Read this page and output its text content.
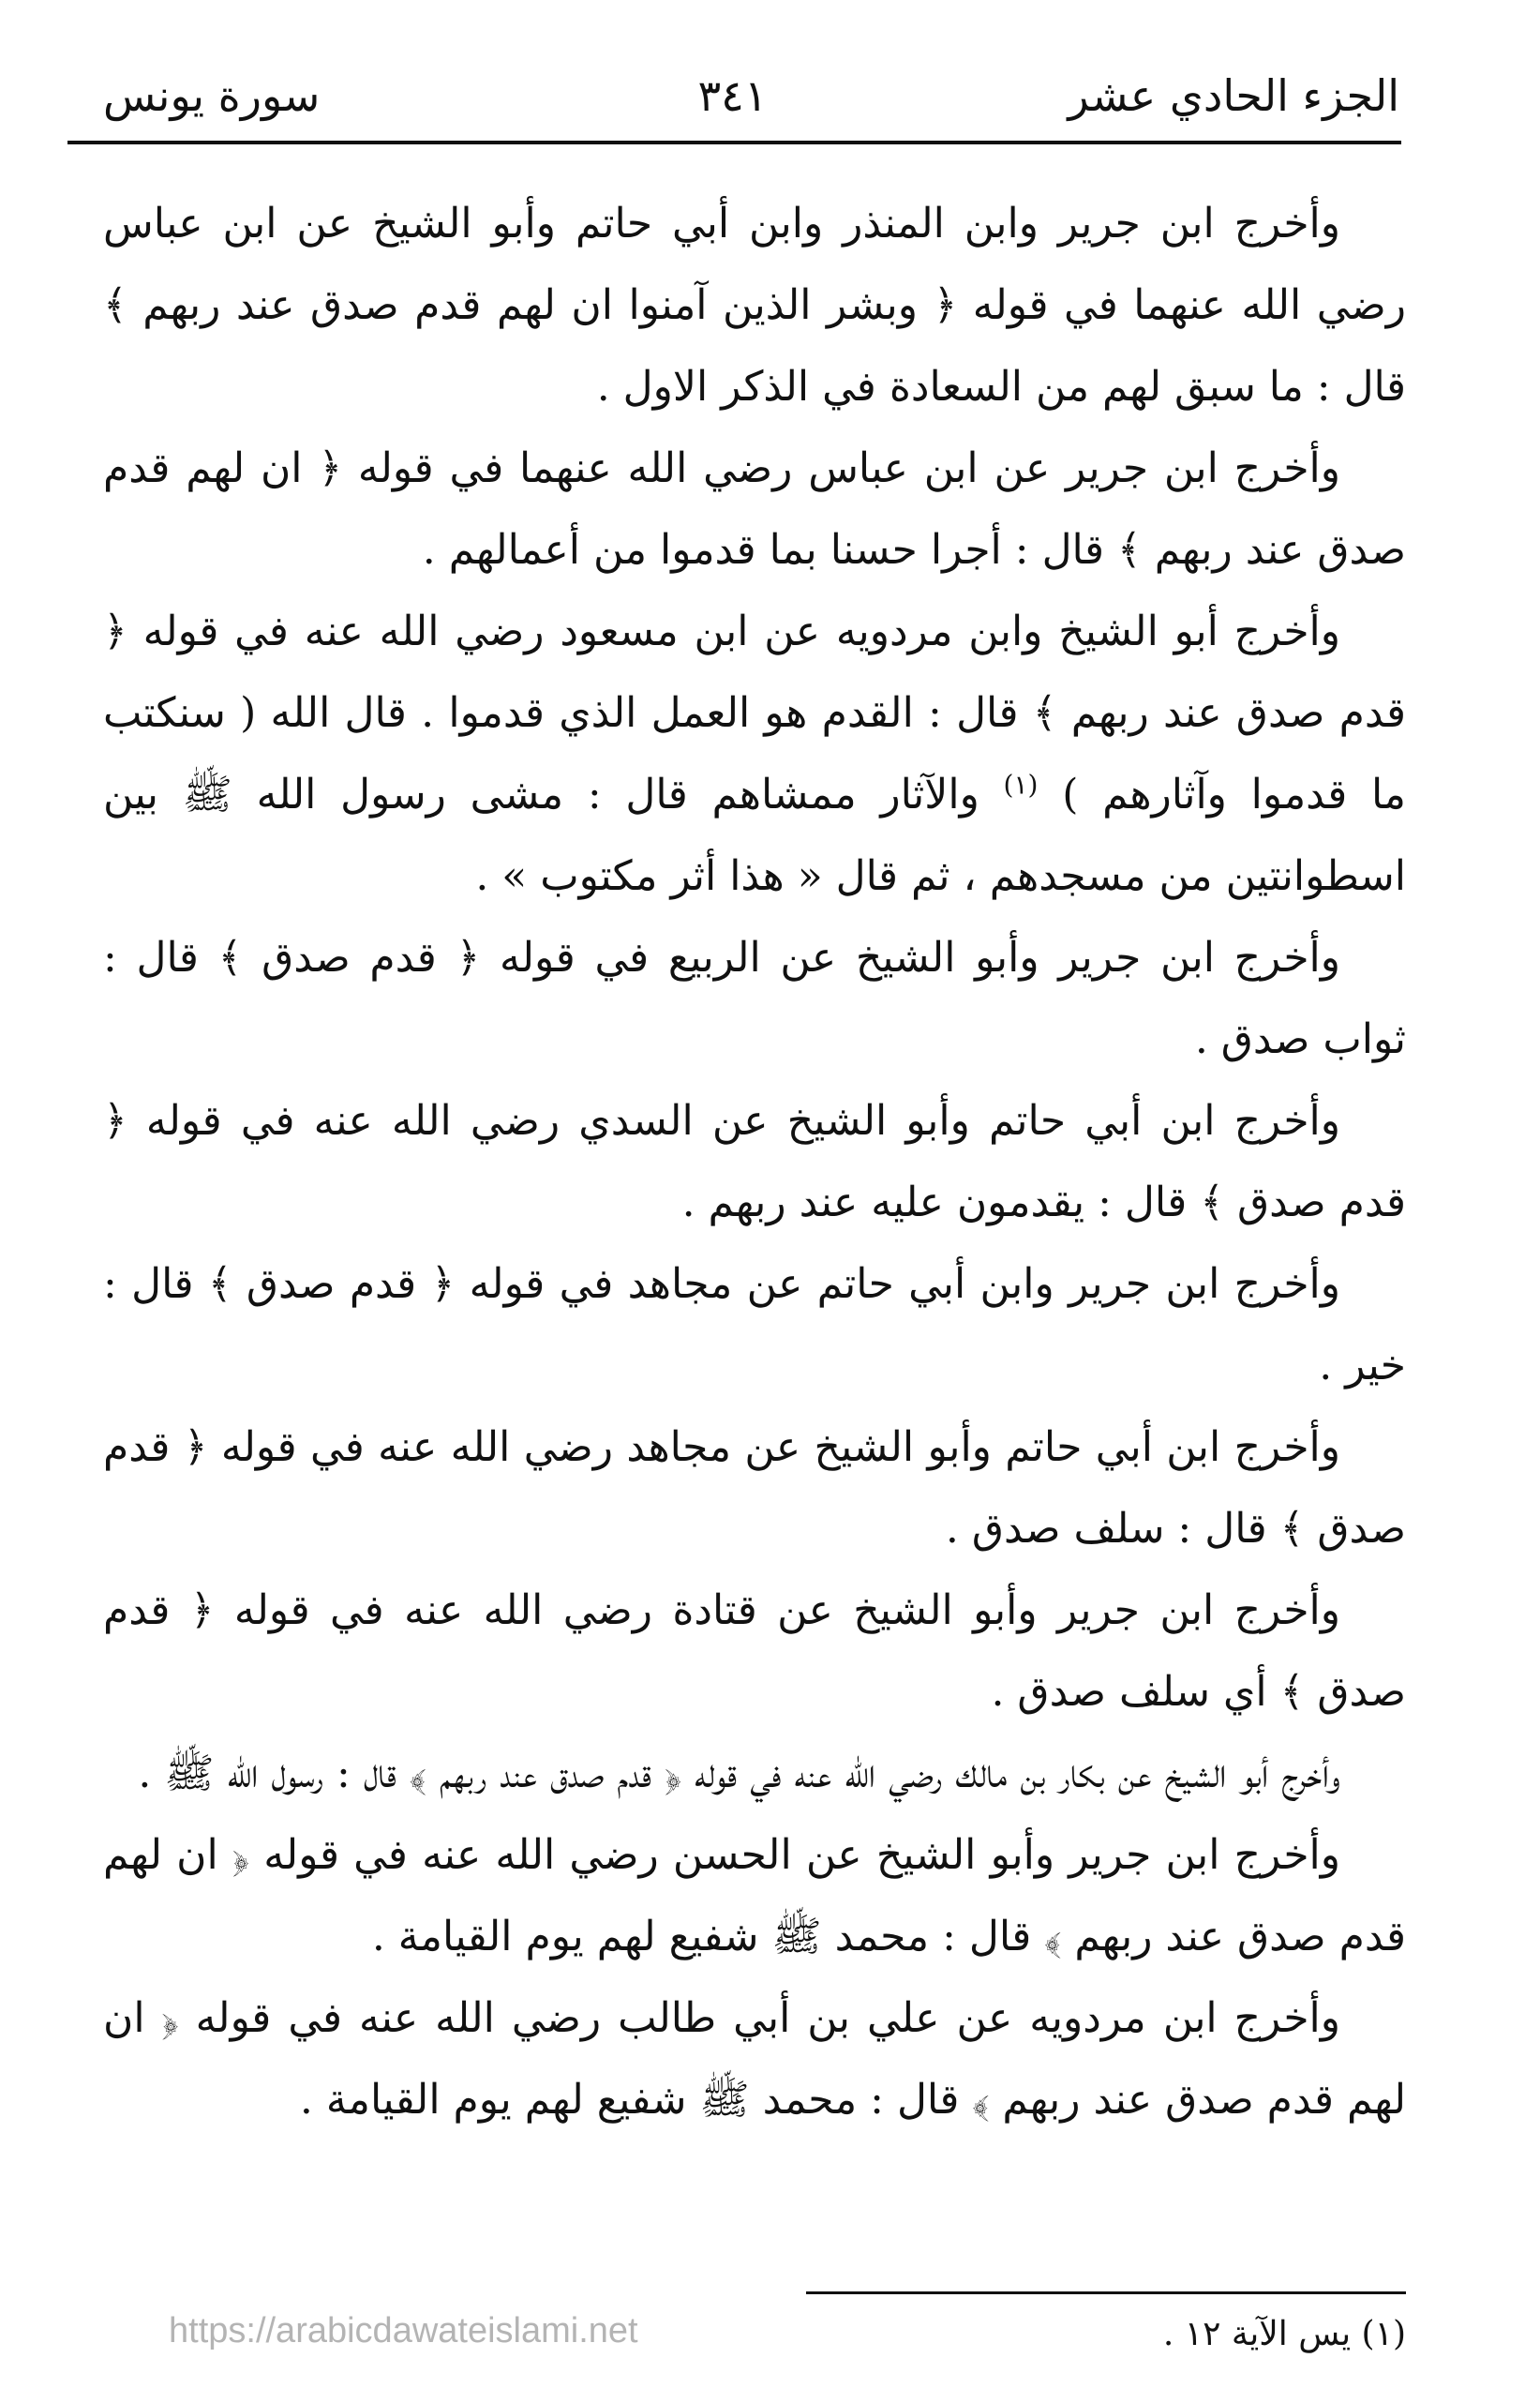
الجزء الحادي عشر
٣٤١
سورة يونس

وأخرج ابن جرير وابن المنذر وابن أبي حاتم وأبو الشيخ عن ابن عباس رضي الله عنهما في قوله ﴿ وبشر الذين آمنوا ان لهم قدم صدق عند ربهم ﴾ قال : ما سبق لهم من السعادة في الذكر الاول .

وأخرج ابن جرير عن ابن عباس رضي الله عنهما في قوله ﴿ ان لهم قدم صدق عند ربهم ﴾ قال : أجرا حسنا بما قدموا من أعمالهم .

وأخرج أبو الشيخ وابن مردويه عن ابن مسعود رضي الله عنه في قوله ﴿ قدم صدق عند ربهم ﴾ قال : القدم هو العمل الذي قدموا . قال الله ( سنكتب ما قدموا وآثارهم ) $^{(١)}$ والآثار ممشاهم قال : مشى رسول الله ﷺ بين اسطوانتين من مسجدهم ، ثم قال « هذا أثر مكتوب » .

وأخرج ابن جرير وأبو الشيخ عن الربيع في قوله ﴿ قدم صدق ﴾ قال : ثواب صدق .

وأخرج ابن أبي حاتم وأبو الشيخ عن السدي رضي الله عنه في قوله ﴿ قدم صدق ﴾ قال : يقدمون عليه عند ربهم .

وأخرج ابن جرير وابن أبي حاتم عن مجاهد في قوله ﴿ قدم صدق ﴾ قال : خير .

وأخرج ابن أبي حاتم وأبو الشيخ عن مجاهد رضي الله عنه في قوله ﴿ قدم صدق ﴾ قال : سلف صدق .

وأخرج ابن جرير وأبو الشيخ عن قتادة رضي الله عنه في قوله ﴿ قدم صدق ﴾ أي سلف صدق .

وأخرج أبو الشيخ عن بكار بن مالك رضي الله عنه في قوله ﴿ قدم صدق عند ربهم ﴾ قال : رسول الله ﷺ .

وأخرج ابن جرير وأبو الشيخ عن الحسن رضي الله عنه في قوله ﴿ ان لهم قدم صدق عند ربهم ﴾ قال : محمد ﷺ شفيع لهم يوم القيامة .

وأخرج ابن مردويه عن علي بن أبي طالب رضي الله عنه في قوله ﴿ ان لهم قدم صدق عند ربهم ﴾ قال : محمد ﷺ شفيع لهم يوم القيامة .

(١) يس الآية ١٢ .
https://arabicdawateislami.net
